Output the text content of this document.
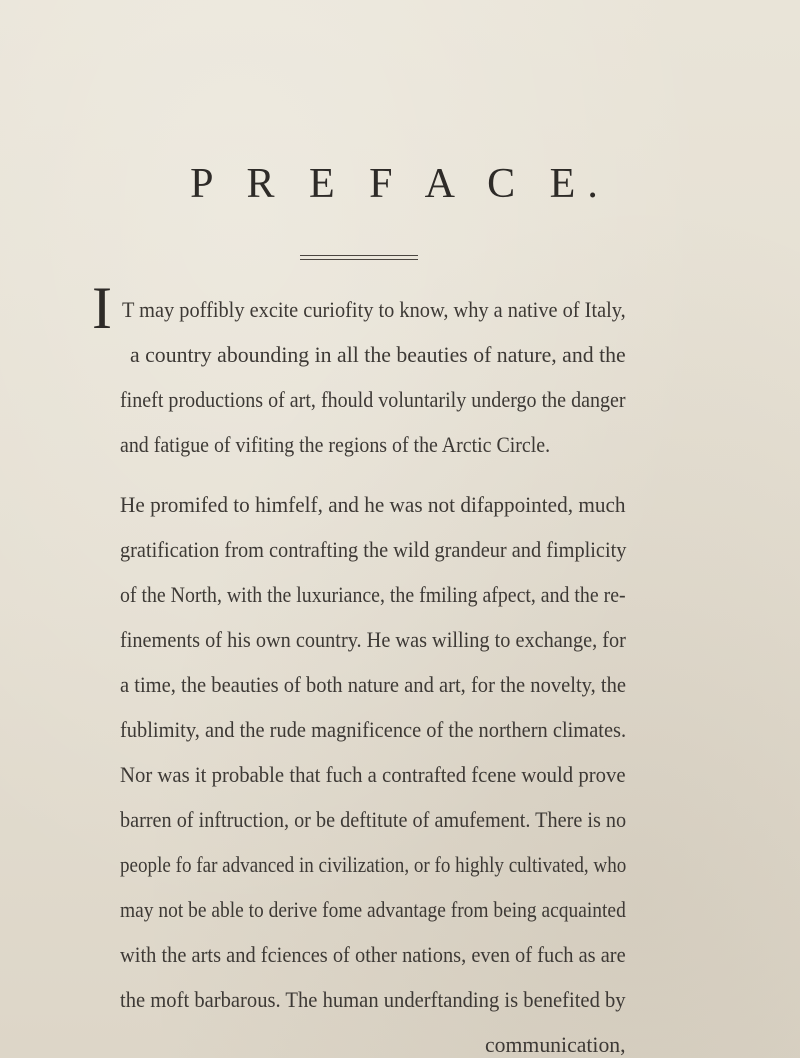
P R E F A C E.
I T may poffibly excite curiofity to know, why a native of Italy,

a country abounding in all the beauties of nature, and the

fineft productions of art, fhould voluntarily undergo the danger

and fatigue of vifiting the regions of the Arctic Circle.

He promifed to himfelf, and he was not difappointed, much

gratification from contrafting the wild grandeur and fimplicity

of the North, with the luxuriance, the fmiling afpect, and the re-

finements of his own country. He was willing to exchange, for

a time, the beauties of both nature and art, for the novelty, the

fublimity, and the rude magnificence of the northern climates.

Nor was it probable that fuch a contrafted fcene would prove

barren of inftruction, or be deftitute of amufement. There is no

people fo far advanced in civilization, or fo highly cultivated, who

may not be able to derive fome advantage from being acquainted

with the arts and fciences of other nations, even of fuch as are

the moft barbarous. The human underftanding is benefited by

communication,
